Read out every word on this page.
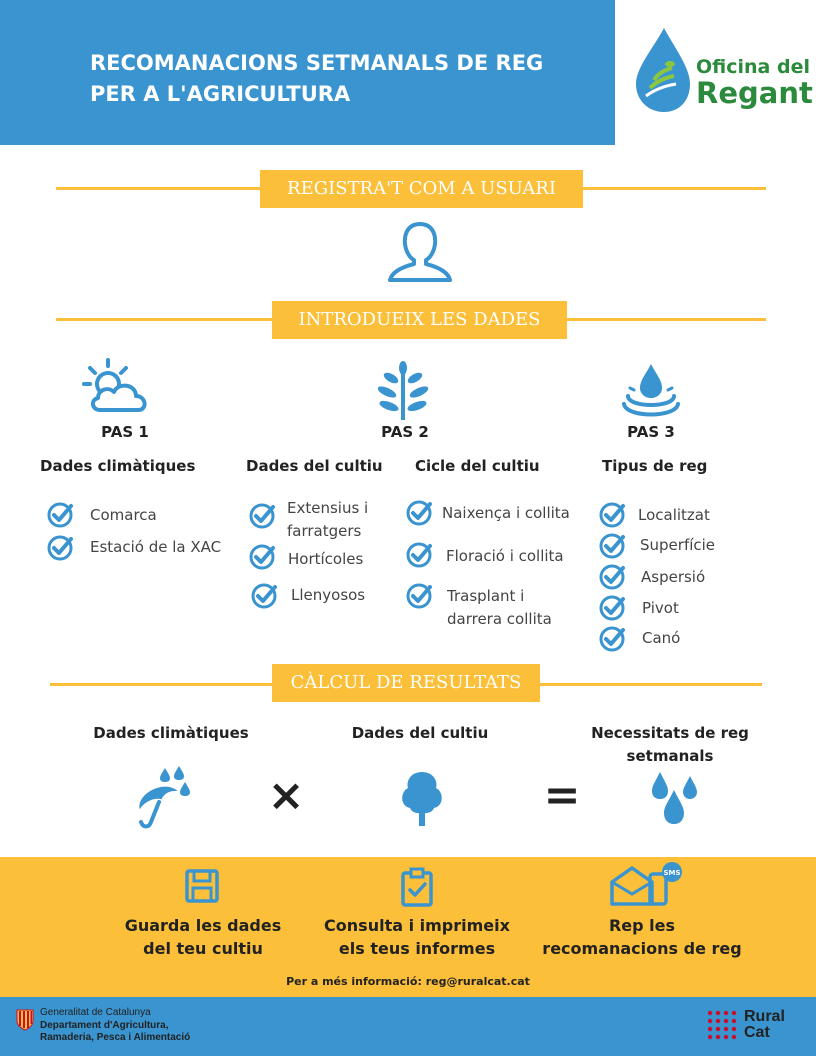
RECOMANACIONS SETMANALS DE REG
PER A L'AGRICULTURA
Oficina del
Regant
REGISTRA'T COM A USUARI
INTRODUEIX LES DADES
PAS 1	PAS 2	PAS 3
Dades climàtiques	Dades del cultiu Cicle del cultiu	Tipus de reg
Comarca
Estació de la XAC
Extensius i farratgers
Hortícoles
Llenyosos
Naixença i collita
Floració i collita
Trasplant i darrera collita
Localitzat
Superfície
Aspersió
Pivot
Canó
CÀLCUL DE RESULTATS
Dades climàtiques	Dades del cultiu	Necessitats de reg
setmanals
×	=
SMS
Guarda les dades
del teu cultiu
Consulta i imprimeix
els teus informes
Rep les
recomanacions de reg
Per a més informació: reg@ruralcat.cat
Generalitat de Catalunya
Departament d'Agricultura,
Ramaderia, Pesca i Alimentació
Rural
Cat
